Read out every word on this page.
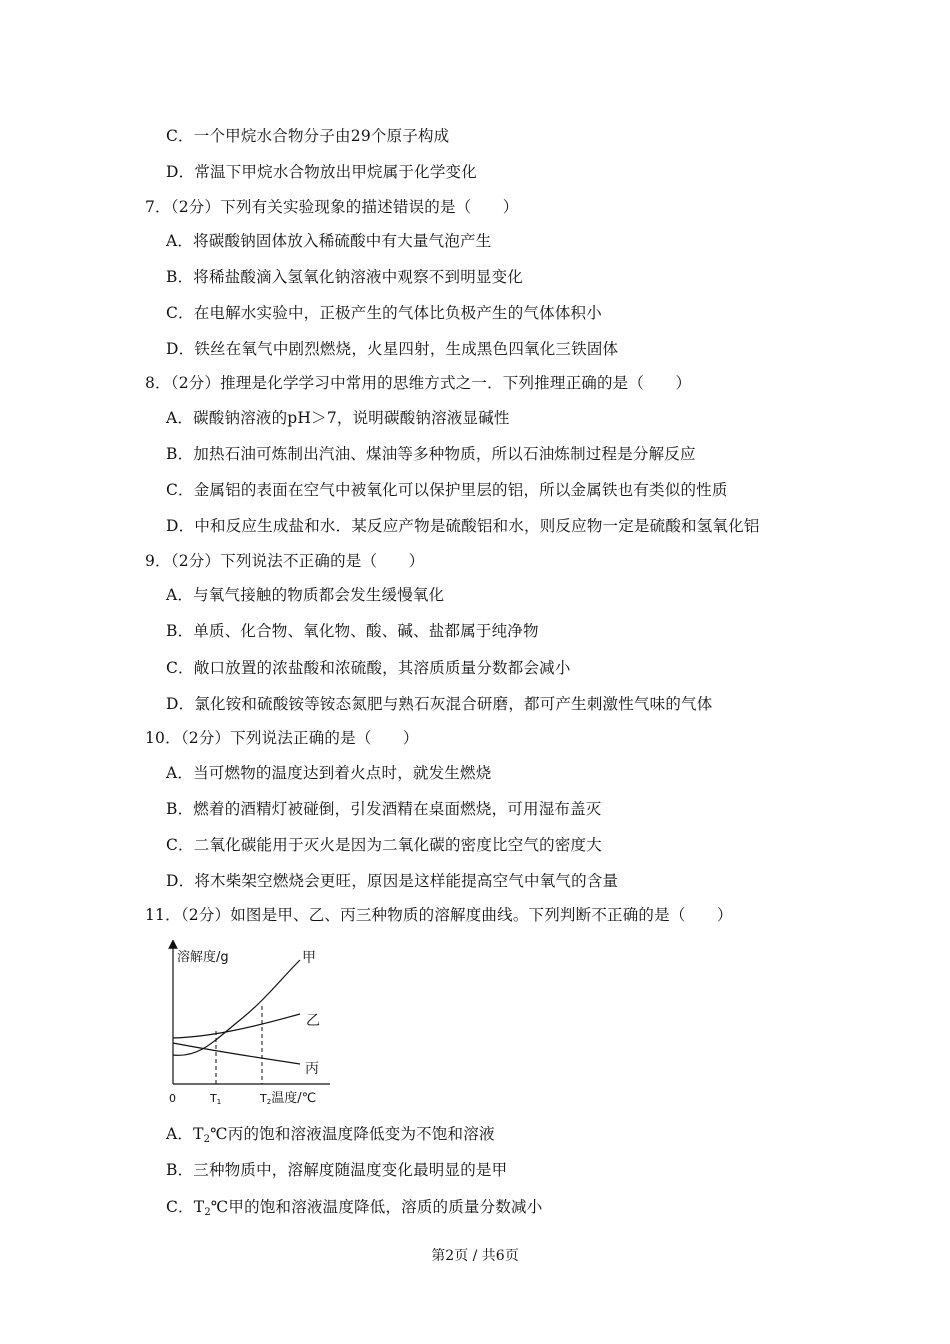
C．一个甲烷水合物分子由29个原子构成
D．常温下甲烷水合物放出甲烷属于化学变化
7．（2分）下列有关实验现象的描述错误的是（　　）
A．将碳酸钠固体放入稀硫酸中有大量气泡产生
B．将稀盐酸滴入氢氧化钠溶液中观察不到明显变化
C．在电解水实验中，正极产生的气体比负极产生的气体体积小
D．铁丝在氧气中剧烈燃烧，火星四射，生成黑色四氧化三铁固体
8．（2分）推理是化学学习中常用的思维方式之一．下列推理正确的是（　　）
A．碳酸钠溶液的pH＞7，说明碳酸钠溶液显碱性
B．加热石油可炼制出汽油、煤油等多种物质，所以石油炼制过程是分解反应
C．金属铝的表面在空气中被氧化可以保护里层的铝，所以金属铁也有类似的性质
D．中和反应生成盐和水．某反应产物是硫酸铝和水，则反应物一定是硫酸和氢氧化铝
9．（2分）下列说法不正确的是（　　）
A．与氧气接触的物质都会发生缓慢氧化
B．单质、化合物、氧化物、酸、碱、盐都属于纯净物
C．敞口放置的浓盐酸和浓硫酸，其溶质质量分数都会减小
D．氯化铵和硫酸铵等铵态氮肥与熟石灰混合研磨，都可产生刺激性气味的气体
10．（2分）下列说法正确的是（　　）
A．当可燃物的温度达到着火点时，就发生燃烧
B．燃着的酒精灯被碰倒，引发酒精在桌面燃烧，可用湿布盖灭
C．二氧化碳能用于灭火是因为二氧化碳的密度比空气的密度大
D．将木柴架空燃烧会更旺，原因是这样能提高空气中氧气的含量
11．（2分）如图是甲、乙、丙三种物质的溶解度曲线。下列判断不正确的是（　　）
溶解度/g	甲
乙
丙
0	T1	T2温度/℃
A．$T_2℃$丙的饱和溶液温度降低变为不饱和溶液
B．三种物质中，溶解度随温度变化最明显的是甲
C．$T_2℃$甲的饱和溶液温度降低，溶质的质量分数减小
第2页 / 共6页
